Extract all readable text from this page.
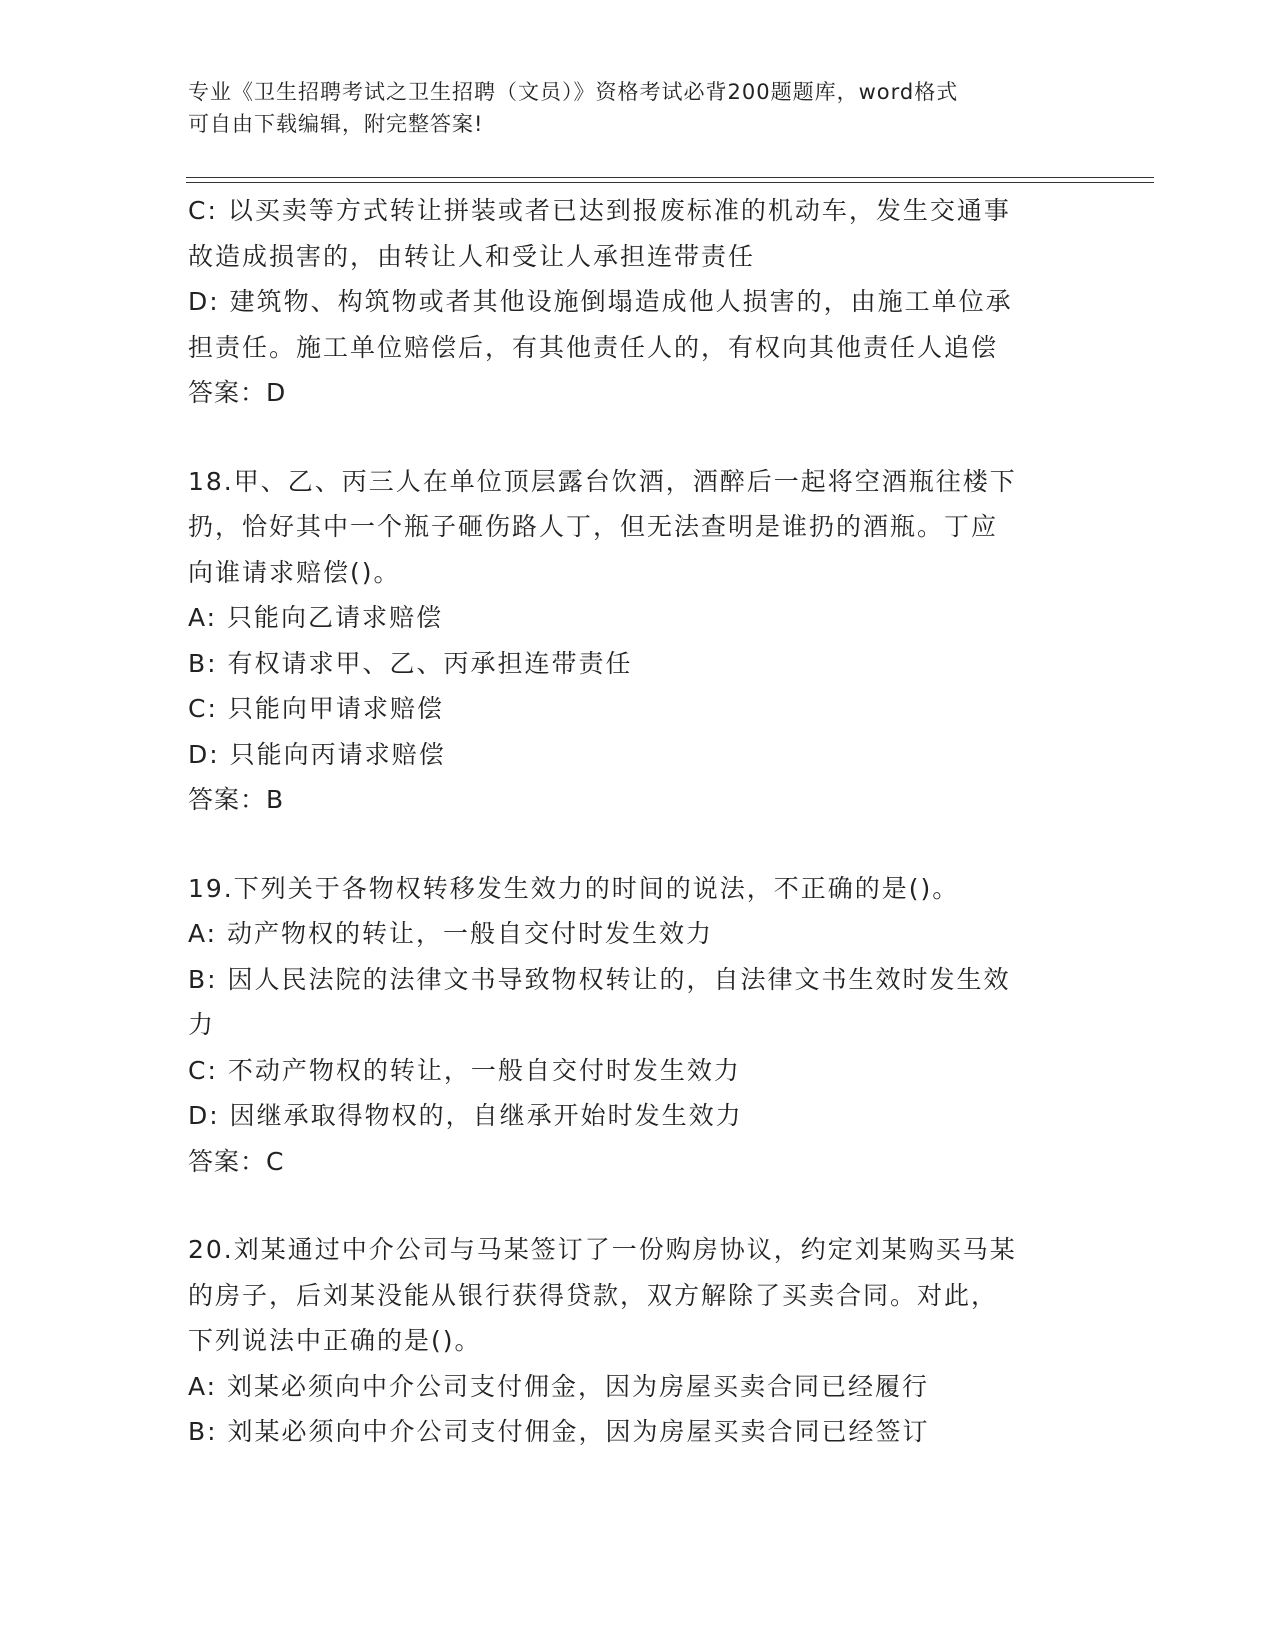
专业《卫生招聘考试之卫生招聘（文员）》资格考试必背200题题库，word格式
可自由下载编辑，附完整答案!
C: 以买卖等方式转让拼装或者已达到报废标准的机动车，发生交通事
故造成损害的，由转让人和受让人承担连带责任
D: 建筑物、构筑物或者其他设施倒塌造成他人损害的，由施工单位承
担责任。施工单位赔偿后，有其他责任人的，有权向其他责任人追偿
答案：D
18.甲、乙、丙三人在单位顶层露台饮酒，酒醉后一起将空酒瓶往楼下
扔，恰好其中一个瓶子砸伤路人丁，但无法查明是谁扔的酒瓶。丁应
向谁请求赔偿()。
A: 只能向乙请求赔偿
B: 有权请求甲、乙、丙承担连带责任
C: 只能向甲请求赔偿
D: 只能向丙请求赔偿
答案：B
19.下列关于各物权转移发生效力的时间的说法，不正确的是()。
A: 动产物权的转让，一般自交付时发生效力
B: 因人民法院的法律文书导致物权转让的，自法律文书生效时发生效
力
C: 不动产物权的转让，一般自交付时发生效力
D: 因继承取得物权的，自继承开始时发生效力
答案：C
20.刘某通过中介公司与马某签订了一份购房协议，约定刘某购买马某
的房子，后刘某没能从银行获得贷款，双方解除了买卖合同。对此，
下列说法中正确的是()。
A: 刘某必须向中介公司支付佣金，因为房屋买卖合同已经履行
B: 刘某必须向中介公司支付佣金，因为房屋买卖合同已经签订
